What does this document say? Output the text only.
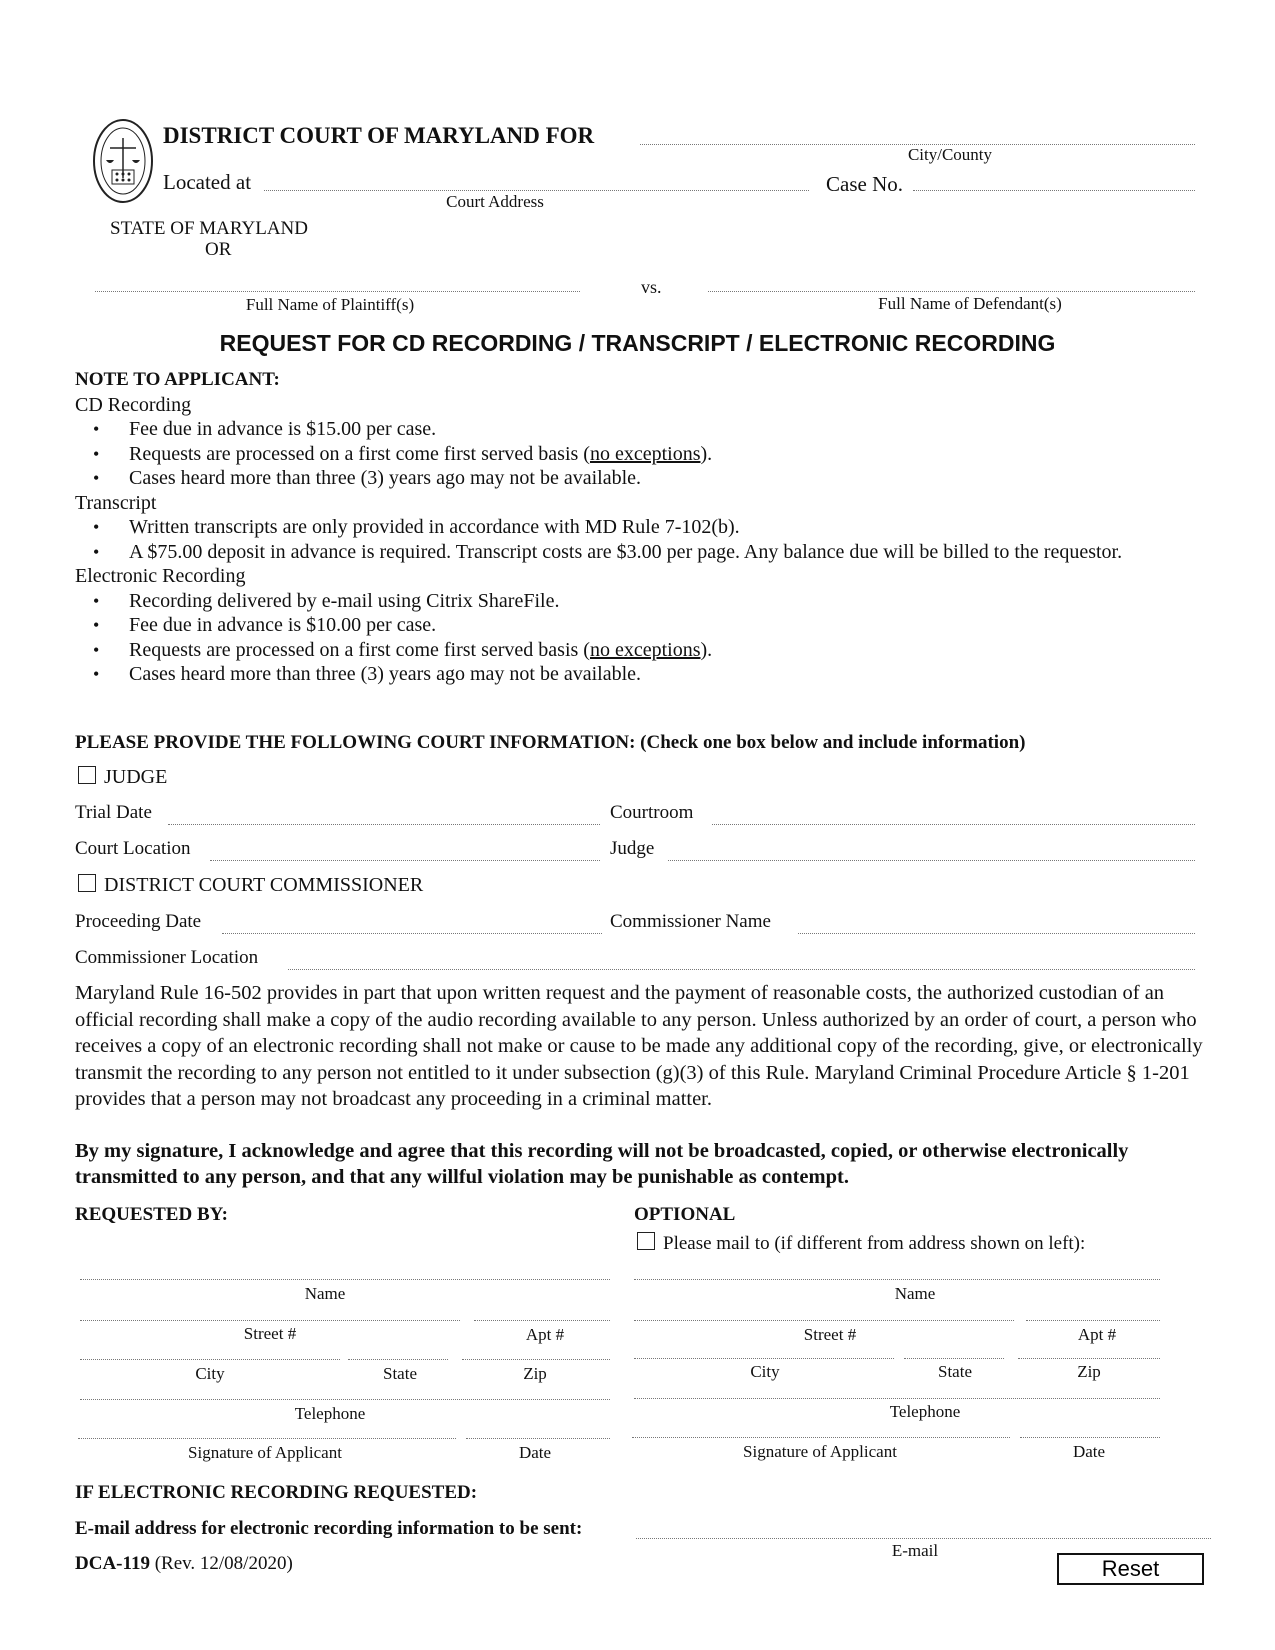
DISTRICT COURT OF MARYLAND FOR
City/County
Located at
Court Address
Case No.
STATE OF MARYLAND
OR
vs.
Full Name of Plaintiff(s)	Full Name of Defendant(s)
REQUEST FOR CD RECORDING / TRANSCRIPT / ELECTRONIC RECORDING
NOTE TO APPLICANT:
CD Recording
• Fee due in advance is $15.00 per case.
• Requests are processed on a first come first served basis (no exceptions).
• Cases heard more than three (3) years ago may not be available.
Transcript
• Written transcripts are only provided in accordance with MD Rule 7-102(b).
• A $75.00 deposit in advance is required. Transcript costs are $3.00 per page. Any balance due will be billed to the requestor.
Electronic Recording
• Recording delivered by e-mail using Citrix ShareFile.
• Fee due in advance is $10.00 per case.
• Requests are processed on a first come first served basis (no exceptions).
• Cases heard more than three (3) years ago may not be available.
PLEASE PROVIDE THE FOLLOWING COURT INFORMATION: (Check one box below and include information)
JUDGE
Trial Date	Courtroom
Court Location	Judge
DISTRICT COURT COMMISSIONER
Proceeding Date	Commissioner Name
Commissioner Location
Maryland Rule 16-502 provides in part that upon written request and the payment of reasonable costs, the authorized custodian of an official recording shall make a copy of the audio recording available to any person. Unless authorized by an order of court, a person who receives a copy of an electronic recording shall not make or cause to be made any additional copy of the recording, give, or electronically transmit the recording to any person not entitled to it under subsection (g)(3) of this Rule. Maryland Criminal Procedure Article § 1-201 provides that a person may not broadcast any proceeding in a criminal matter.
By my signature, I acknowledge and agree that this recording will not be broadcasted, copied, or otherwise electronically transmitted to any person, and that any willful violation may be punishable as contempt.
REQUESTED BY:
Name
Street #	Apt #
City	State	Zip
Telephone
Signature of Applicant	Date
OPTIONAL
Please mail to (if different from address shown on left):
Name
Street #	Apt #
City	State	Zip
Telephone
Signature of Applicant	Date
IF ELECTRONIC RECORDING REQUESTED:
E-mail address for electronic recording information to be sent:
E-mail
DCA-119 (Rev. 12/08/2020)	Reset
